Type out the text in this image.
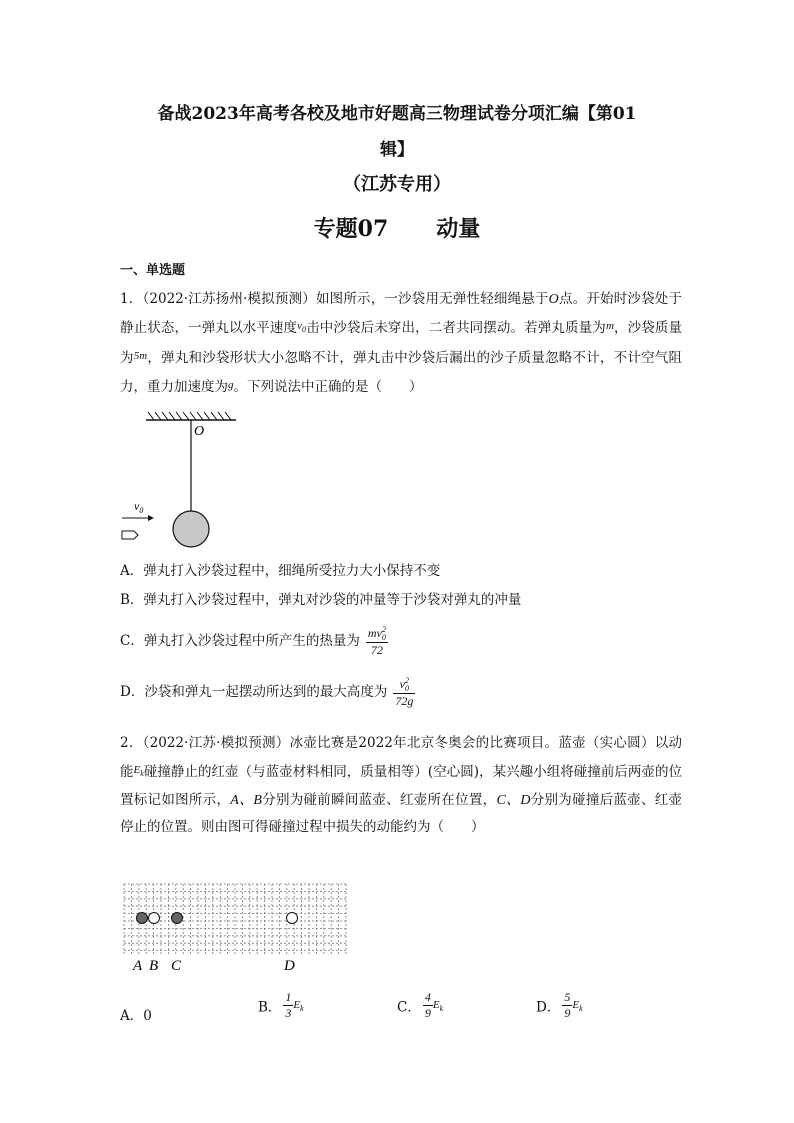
备战2023年高考各校及地市好题高三物理试卷分项汇编【第01
辑】
（江苏专用）
专题07 动量
一、单选题
1．（2022·江苏扬州·模拟预测）如图所示，一沙袋用无弹性轻细绳悬于O点。开始时沙袋处于静止状态，一弹丸以水平速度$^{v_0}$击中沙袋后未穿出，二者共同摆动。若弹丸质量为$^m$，沙袋质量为$^{5m}$，弹丸和沙袋形状大小忽略不计，弹丸击中沙袋后漏出的沙子质量忽略不计，不计空气阻力，重力加速度为$^g$。下列说法中正确的是（　　）
O
$v_0$
A．弹丸打入沙袋过程中，细绳所受拉力大小保持不变
B．弹丸打入沙袋过程中，弹丸对沙袋的冲量等于沙袋对弹丸的冲量
C．弹丸打入沙袋过程中所产生的热量为 $\frac{mv^2_0}{72}$
D．沙袋和弹丸一起摆动所达到的最大高度为 $\frac{v^2_0}{72g}$
2．（2022·江苏·模拟预测）冰壶比赛是2022年北京冬奥会的比赛项目。蓝壶（实心圆）以动能$^{E_k}$碰撞静止的红壶（与蓝壶材料相同，质量相等）(空心圆)，某兴趣小组将碰撞前后两壶的位置标记如图所示，A、B分别为碰前瞬间蓝壶、红壶所在位置，C、D分别为碰撞后蓝壶、红壶停止的位置。则由图可得碰撞过程中损失的动能约为（　　）
A B C	D
A．0
B． $\frac{1}{3} E_k$	C． $\frac{4}{9} E_k$	D． $\frac{5}{9} E_k$
